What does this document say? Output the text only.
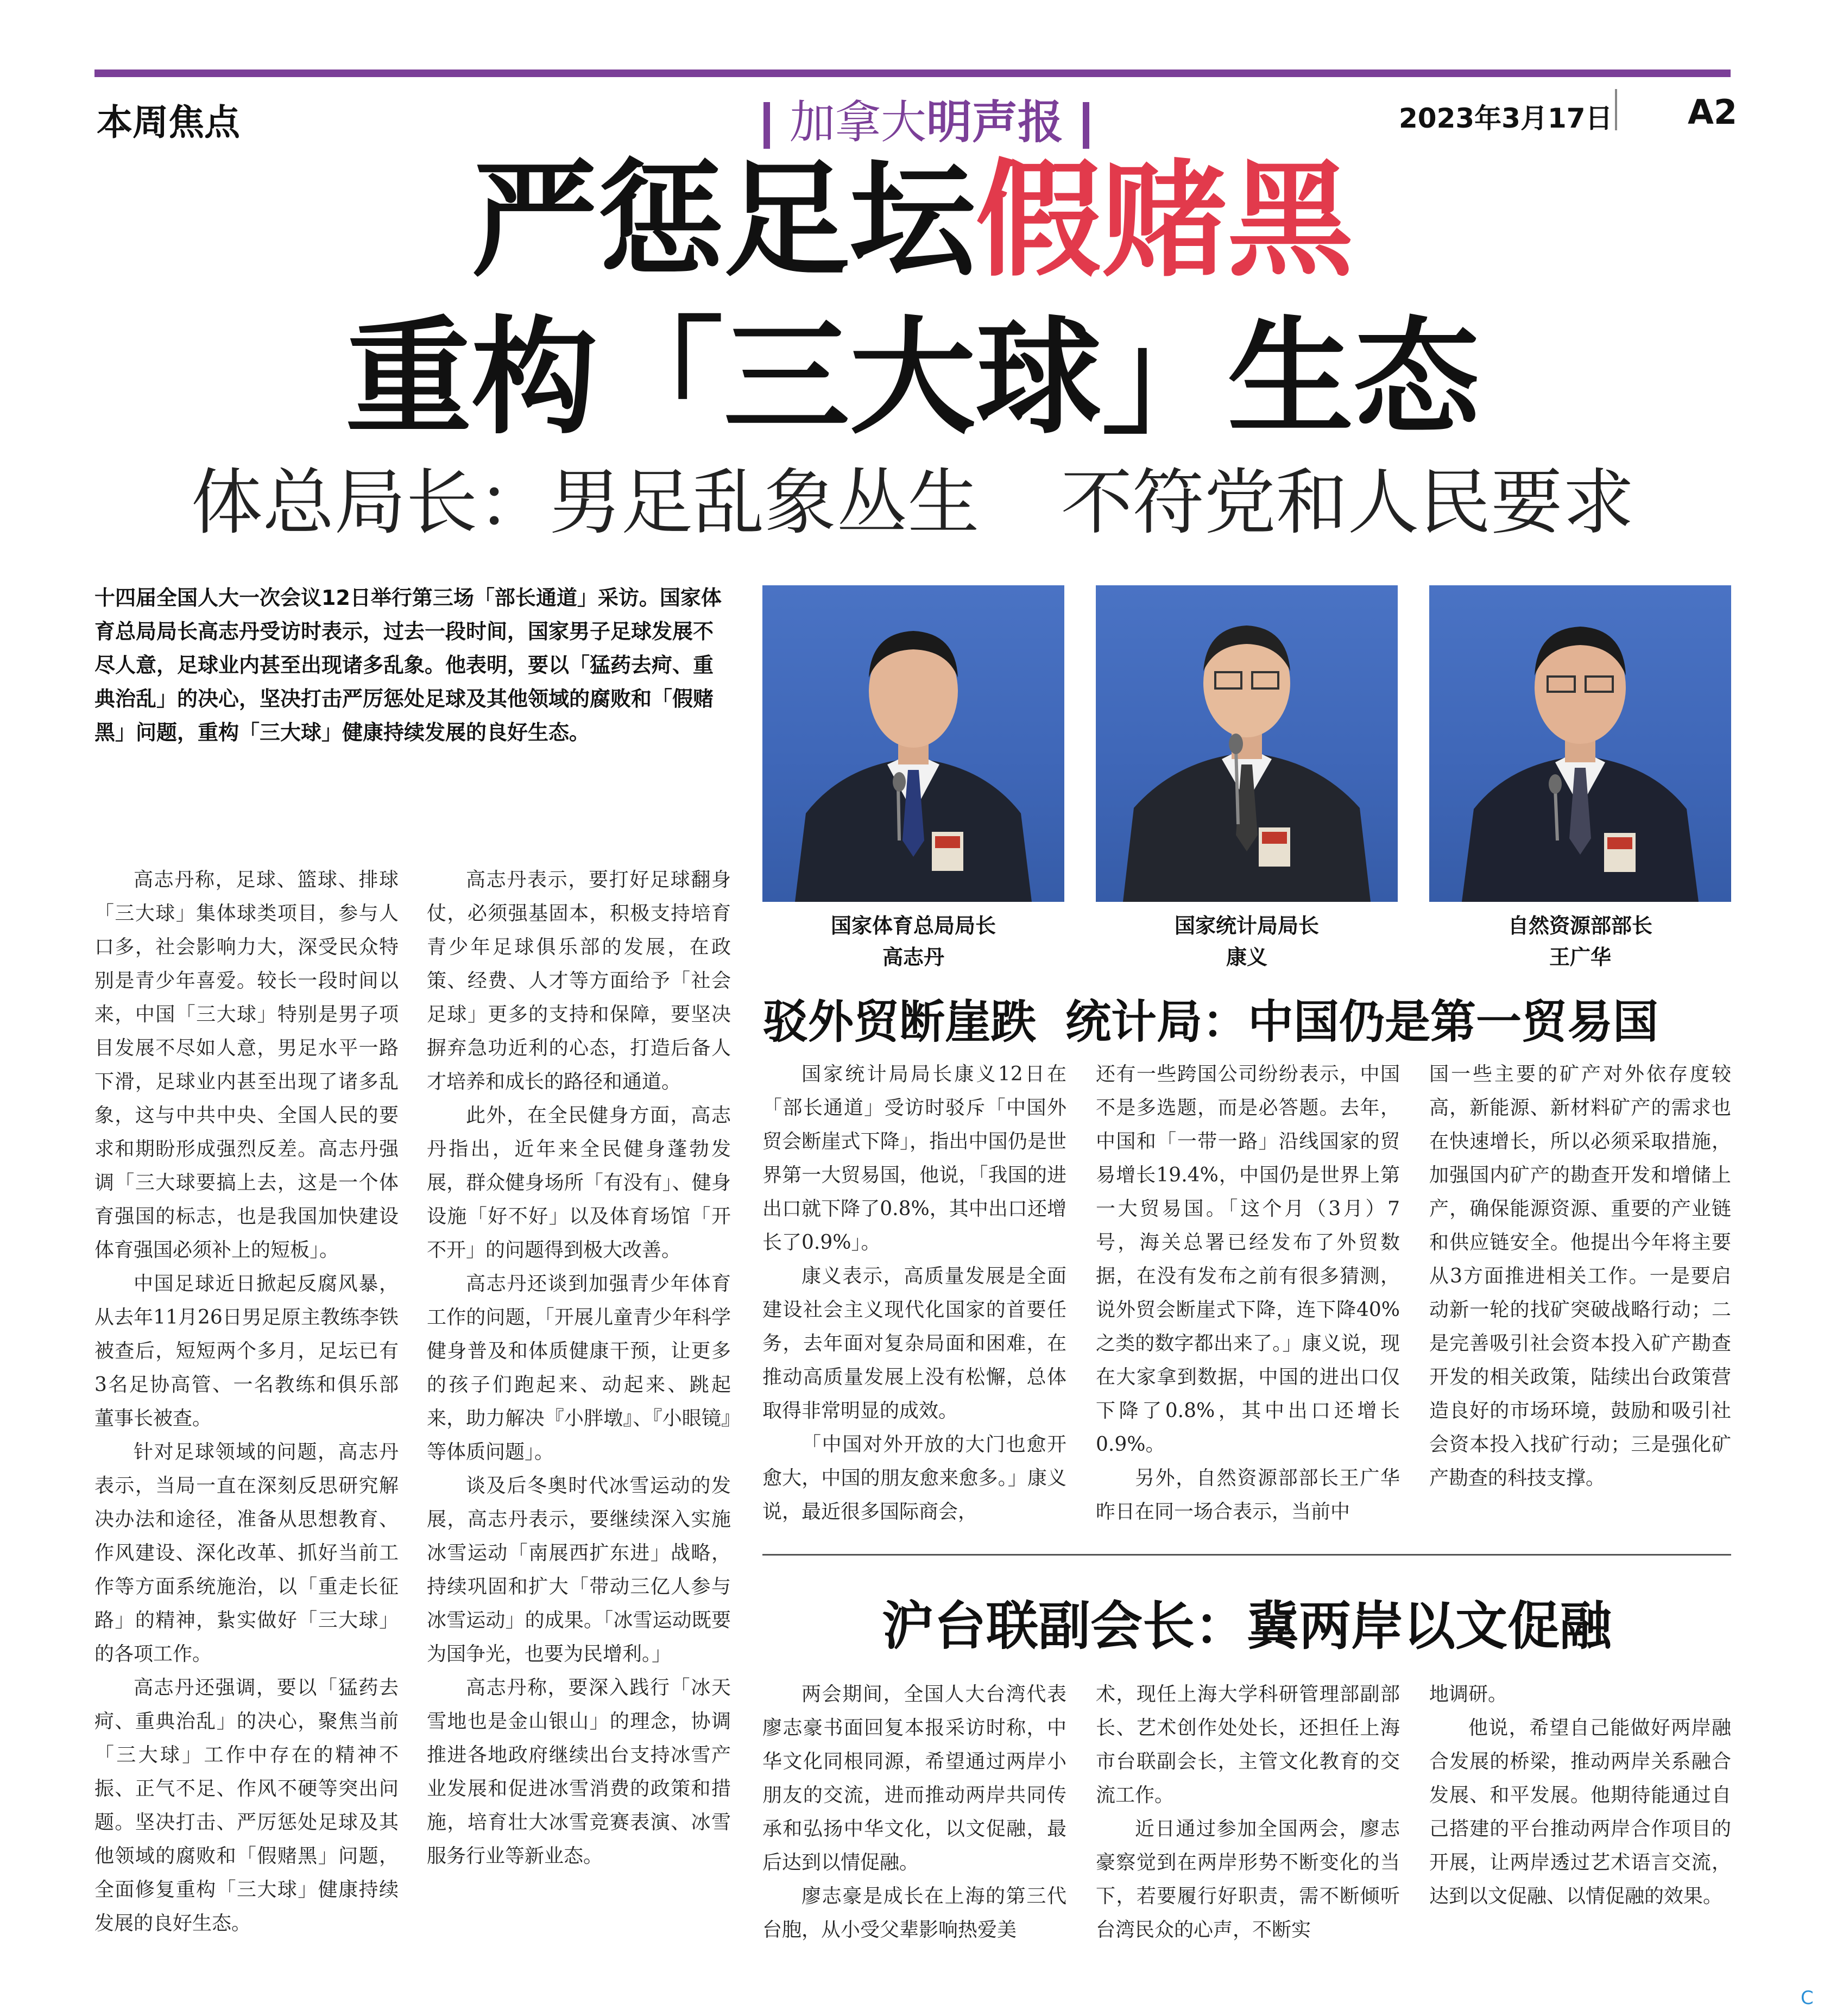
本周焦点	加拿大明声报	2023年3月17日 A2
严惩足坛假赌黑
重构「三大球」生态
体总局长：男足乱象丛生 不符党和人民要求
十四届全国人大一次会议12日举行第三场「部长通道」采访。国家体育总局局长高志丹受访时表示，过去一段时间，国家男子足球发展不尽人意，足球业内甚至出现诸多乱象。他表明，要以「猛药去疴、重典治乱」的决心，坚决打击严厉惩处足球及其他领域的腐败和「假赌黑」问题，重构「三大球」健康持续发展的良好生态。

高志丹称，足球、篮球、排球「三大球」集体球类项目，参与人口多，社会影响力大，深受民众特别是青少年喜爱。较长一段时间以来，中国「三大球」特别是男子项目发展不尽如人意，男足水平一路下滑，足球业内甚至出现了诸多乱象，这与中共中央、全国人民的要求和期盼形成强烈反差。高志丹强调「三大球要搞上去，这是一个体育强国的标志，也是我国加快建设体育强国必须补上的短板」。

中国足球近日掀起反腐风暴，从去年11月26日男足原主教练李铁被查后，短短两个多月，足坛已有3名足协高管、一名教练和俱乐部董事长被查。

针对足球领域的问题，高志丹表示，当局一直在深刻反思研究解决办法和途径，准备从思想教育、作风建设、深化改革、抓好当前工作等方面系统施治，以「重走长征路」的精神，紥实做好「三大球」的各项工作。

高志丹还强调，要以「猛药去疴、重典治乱」的决心，聚焦当前「三大球」工作中存在的精神不振、正气不足、作风不硬等突出问题。坚决打击、严厉惩处足球及其他领域的腐败和「假赌黑」问题，全面修复重构「三大球」健康持续发展的良好生态。

高志丹表示，要打好足球翻身仗，必须强基固本，积极支持培育青少年足球俱乐部的发展，在政策、经费、人才等方面给予「社会足球」更多的支持和保障，要坚决摒弃急功近利的心态，打造后备人才培养和成长的路径和通道。

此外，在全民健身方面，高志丹指出，近年来全民健身蓬勃发展，群众健身场所「有没有」、健身设施「好不好」以及体育场馆「开不开」的问题得到极大改善。

高志丹还谈到加强青少年体育工作的问题，「开展儿童青少年科学健身普及和体质健康干预，让更多的孩子们跑起来、动起来、跳起来，助力解决『小胖墩』、『小眼镜』等体质问题」。

谈及后冬奥时代冰雪运动的发展，高志丹表示，要继续深入实施冰雪运动「南展西扩东进」战略，持续巩固和扩大「带动三亿人参与冰雪运动」的成果。「冰雪运动既要为国争光，也要为民增利。」

高志丹称，要深入践行「冰天雪地也是金山银山」的理念，协调推进各地政府继续出台支持冰雪产业发展和促进冰雪消费的政策和措施，培育壮大冰雪竞赛表演、冰雪服务行业等新业态。

国家体育总局局长
高志丹
国家统计局局长
康义
自然资源部部长
王广华
驳外贸断崖跌 统计局：中国仍是第一贸易国

国家统计局局长康义12日在「部长通道」受访时驳斥「中国外贸会断崖式下降」，指出中国仍是世界第一大贸易国，他说，「我国的进出口就下降了0.8%，其中出口还增长了0.9%」。

康义表示，高质量发展是全面建设社会主义现代化国家的首要任务，去年面对复杂局面和困难，在推动高质量发展上没有松懈，总体取得非常明显的成效。

「中国对外开放的大门也愈开愈大，中国的朋友愈来愈多。」康义说，最近很多国际商会，

还有一些跨国公司纷纷表示，中国不是多选题，而是必答题。去年，中国和「一带一路」沿线国家的贸易增长19.4%，中国仍是世界上第一大贸易国。「这个月（3月）7号，海关总署已经发布了外贸数据，在没有发布之前有很多猜测，说外贸会断崖式下降，连下降40%之类的数字都出来了。」康义说，现在大家拿到数据，中国的进出口仅下降了0.8%，其中出口还增长0.9%。

另外，自然资源部部长王广华昨日在同一场合表示，当前中

国一些主要的矿产对外依存度较高，新能源、新材料矿产的需求也在快速增长，所以必须采取措施，加强国内矿产的勘查开发和增储上产，确保能源资源、重要的产业链和供应链安全。他提出今年将主要从3方面推进相关工作。一是要启动新一轮的找矿突破战略行动；二是完善吸引社会资本投入矿产勘查开发的相关政策，陆续出台政策营造良好的市场环境，鼓励和吸引社会资本投入找矿行动；三是强化矿产勘查的科技支撑。

沪台联副会长：冀两岸以文促融

两会期间，全国人大台湾代表廖志豪书面回复本报采访时称，中华文化同根同源，希望通过两岸小朋友的交流，进而推动两岸共同传承和弘扬中华文化，以文促融，最后达到以情促融。

廖志豪是成长在上海的第三代台胞，从小受父辈影响热爱美

术，现任上海大学科研管理部副部长、艺术创作处处长，还担任上海市台联副会长，主管文化教育的交流工作。

近日通过参加全国两会，廖志豪察觉到在两岸形势不断变化的当下，若要履行好职责，需不断倾听台湾民众的心声，不断实

地调研。

他说，希望自己能做好两岸融合发展的桥梁，推动两岸关系融合发展、和平发展。他期待能通过自己搭建的平台推动两岸合作项目的开展，让两岸透过艺术语言交流，达到以文促融、以情促融的效果。

C
